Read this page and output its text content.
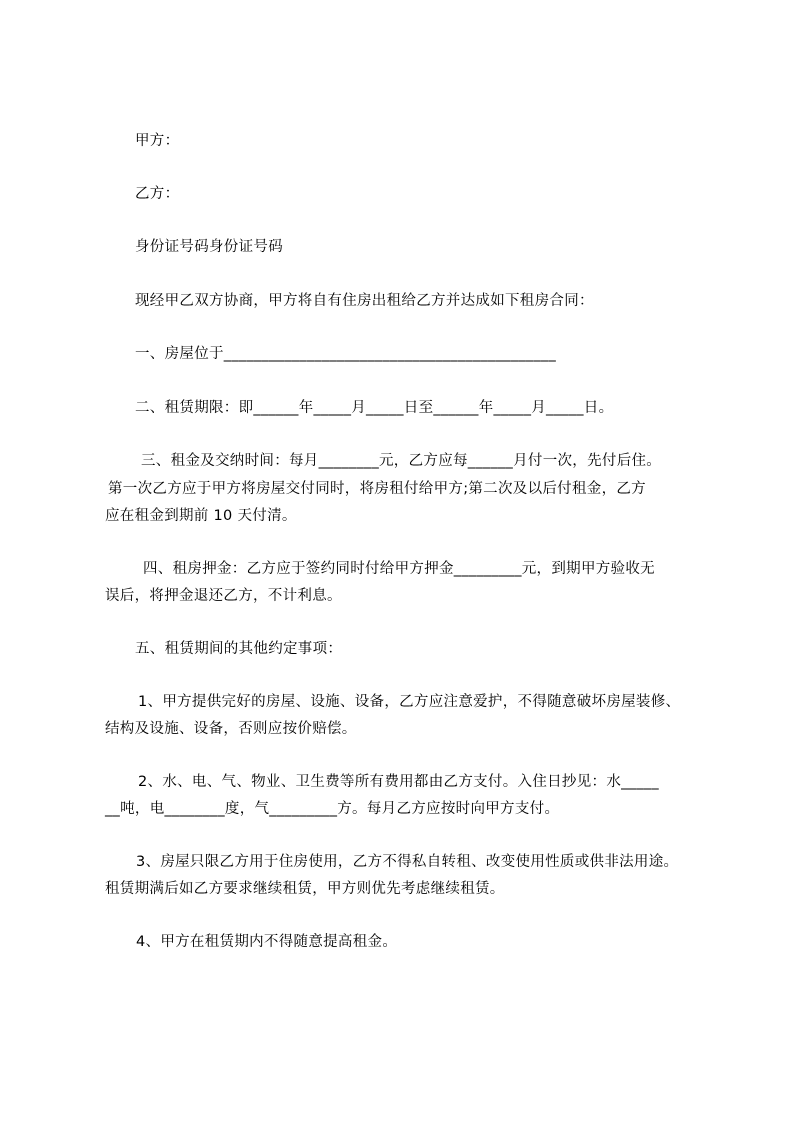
甲方：
乙方：
身份证号码身份证号码
现经甲乙双方协商，甲方将自有住房出租给乙方并达成如下租房合同：
一、房屋位于____________________________________________
二、租赁期限：即______年_____月_____日至______年_____月_____日。
三、租金及交纳时间：每月________元，乙方应每______月付一次，先付后住。
第一次乙方应于甲方将房屋交付同时，将房租付给甲方;第二次及以后付租金，乙方
应在租金到期前 10 天付清。
四、租房押金：乙方应于签约同时付给甲方押金_________元，到期甲方验收无
误后，将押金退还乙方，不计利息。
五、租赁期间的其他约定事项：
1、甲方提供完好的房屋、设施、设备，乙方应注意爱护，不得随意破坏房屋装修、
结构及设施、设备，否则应按价赔偿。
2、水、电、气、物业、卫生费等所有费用都由乙方支付。入住日抄见：水_____
__吨，电________度，气_________方。每月乙方应按时向甲方支付。
3、房屋只限乙方用于住房使用，乙方不得私自转租、改变使用性质或供非法用途。
租赁期满后如乙方要求继续租赁，甲方则优先考虑继续租赁。
4、甲方在租赁期内不得随意提高租金。
